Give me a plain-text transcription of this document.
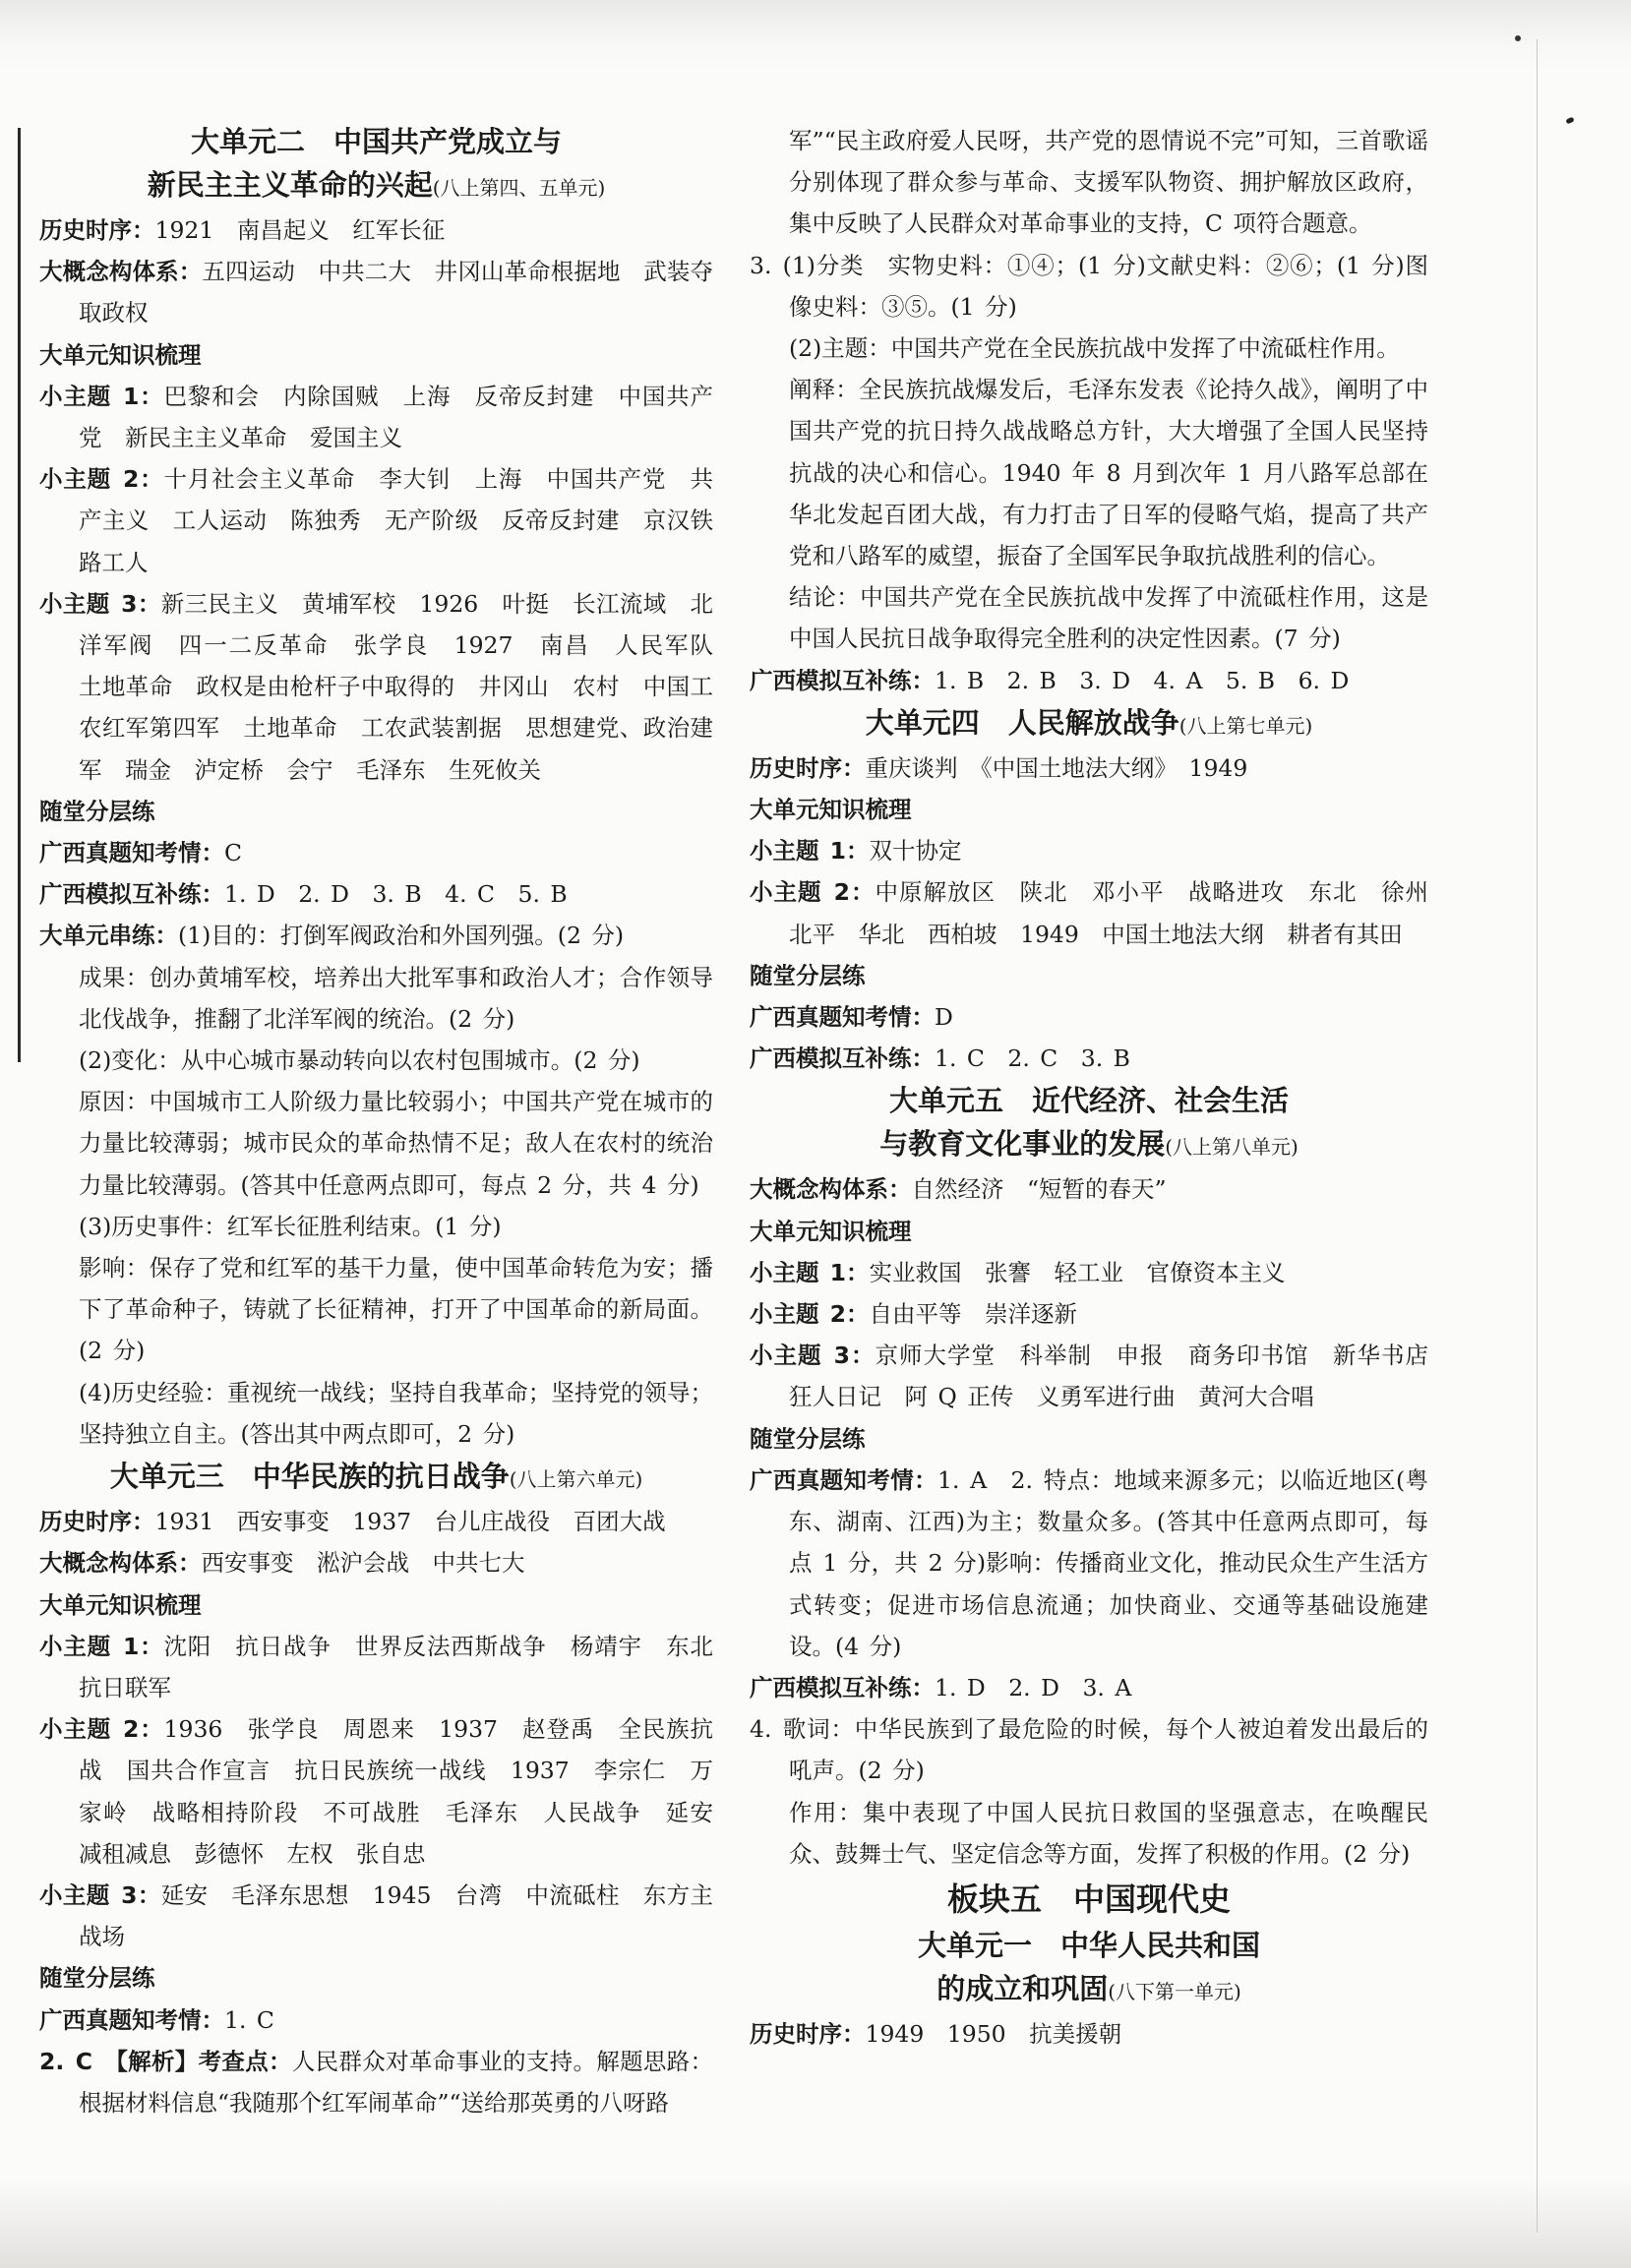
大单元二　中国共产党成立与
新民主主义革命的兴起(八上第四、五单元)

历史时序：1921　南昌起义　红军长征

大概念构体系：五四运动　中共二大　井冈山革命根据地　武装夺取政权

大单元知识梳理

小主题 1：巴黎和会　内除国贼　上海　反帝反封建　中国共产党　新民主主义革命　爱国主义

小主题 2：十月社会主义革命　李大钊　上海　中国共产党　共产主义　工人运动　陈独秀　无产阶级　反帝反封建　京汉铁路工人

小主题 3：新三民主义　黄埔军校　1926　叶挺　长江流域　北洋军阀　四一二反革命　张学良　1927　南昌　人民军队　土地革命　政权是由枪杆子中取得的　井冈山　农村　中国工农红军第四军　土地革命　工农武装割据　思想建党、政治建军　瑞金　泸定桥　会宁　毛泽东　生死攸关

随堂分层练

广西真题知考情：C

广西模拟互补练：1. D　2. D　3. B　4. C　5. B

大单元串练：(1)目的：打倒军阀政治和外国列强。(2 分)

成果：创办黄埔军校，培养出大批军事和政治人才；合作领导北伐战争，推翻了北洋军阀的统治。(2 分)

(2)变化：从中心城市暴动转向以农村包围城市。(2 分)

原因：中国城市工人阶级力量比较弱小；中国共产党在城市的力量比较薄弱；城市民众的革命热情不足；敌人在农村的统治力量比较薄弱。(答其中任意两点即可，每点 2 分，共 4 分)

(3)历史事件：红军长征胜利结束。(1 分)

影响：保存了党和红军的基干力量，使中国革命转危为安；播下了革命种子，铸就了长征精神，打开了中国革命的新局面。(2 分)

(4)历史经验：重视统一战线；坚持自我革命；坚持党的领导；坚持独立自主。(答出其中两点即可，2 分)

大单元三　中华民族的抗日战争(八上第六单元)

历史时序：1931　西安事变　1937　台儿庄战役　百团大战

大概念构体系：西安事变　淞沪会战　中共七大

大单元知识梳理

小主题 1：沈阳　抗日战争　世界反法西斯战争　杨靖宇　东北抗日联军

小主题 2：1936　张学良　周恩来　1937　赵登禹　全民族抗战　国共合作宣言　抗日民族统一战线　1937　李宗仁　万家岭　战略相持阶段　不可战胜　毛泽东　人民战争　延安　减租减息　彭德怀　左权　张自忠

小主题 3：延安　毛泽东思想　1945　台湾　中流砥柱　东方主战场

随堂分层练

广西真题知考情：1. C

2. C　【解析】考查点：人民群众对革命事业的支持。解题思路：根据材料信息“我随那个红军闹革命”“送给那英勇的八呀路

军”“民主政府爱人民呀，共产党的恩情说不完”可知，三首歌谣分别体现了群众参与革命、支援军队物资、拥护解放区政府，集中反映了人民群众对革命事业的支持，C 项符合题意。

3. (1)分类　实物史料：①④；(1 分)文献史料：②⑥；(1 分)图像史料：③⑤。(1 分)

(2)主题：中国共产党在全民族抗战中发挥了中流砥柱作用。

阐释：全民族抗战爆发后，毛泽东发表《论持久战》，阐明了中国共产党的抗日持久战战略总方针，大大增强了全国人民坚持抗战的决心和信心。1940 年 8 月到次年 1 月八路军总部在华北发起百团大战，有力打击了日军的侵略气焰，提高了共产党和八路军的威望，振奋了全国军民争取抗战胜利的信心。

结论：中国共产党在全民族抗战中发挥了中流砥柱作用，这是中国人民抗日战争取得完全胜利的决定性因素。(7 分)

广西模拟互补练：1. B　2. B　3. D　4. A　5. B　6. D

大单元四　人民解放战争(八上第七单元)

历史时序：重庆谈判　《中国土地法大纲》　1949

大单元知识梳理

小主题 1：双十协定

小主题 2：中原解放区　陕北　邓小平　战略进攻　东北　徐州　北平　华北　西柏坡　1949　中国土地法大纲　耕者有其田

随堂分层练

广西真题知考情：D

广西模拟互补练：1. C　2. C　3. B

大单元五　近代经济、社会生活
与教育文化事业的发展(八上第八单元)

大概念构体系：自然经济　“短暂的春天”

大单元知识梳理

小主题 1：实业救国　张謇　轻工业　官僚资本主义

小主题 2：自由平等　崇洋逐新

小主题 3：京师大学堂　科举制　申报　商务印书馆　新华书店　狂人日记　阿 Q 正传　义勇军进行曲　黄河大合唱

随堂分层练

广西真题知考情：1. A　2. 特点：地域来源多元；以临近地区(粤东、湖南、江西)为主；数量众多。(答其中任意两点即可，每点 1 分，共 2 分)影响：传播商业文化，推动民众生产生活方式转变；促进市场信息流通；加快商业、交通等基础设施建设。(4 分)

广西模拟互补练：1. D　2. D　3. A

4. 歌词：中华民族到了最危险的时候，每个人被迫着发出最后的吼声。(2 分)

作用：集中表现了中国人民抗日救国的坚强意志，在唤醒民众、鼓舞士气、坚定信念等方面，发挥了积极的作用。(2 分)

板块五　中国现代史
大单元一　中华人民共和国
的成立和巩固(八下第一单元)

历史时序：1949　1950　抗美援朝
